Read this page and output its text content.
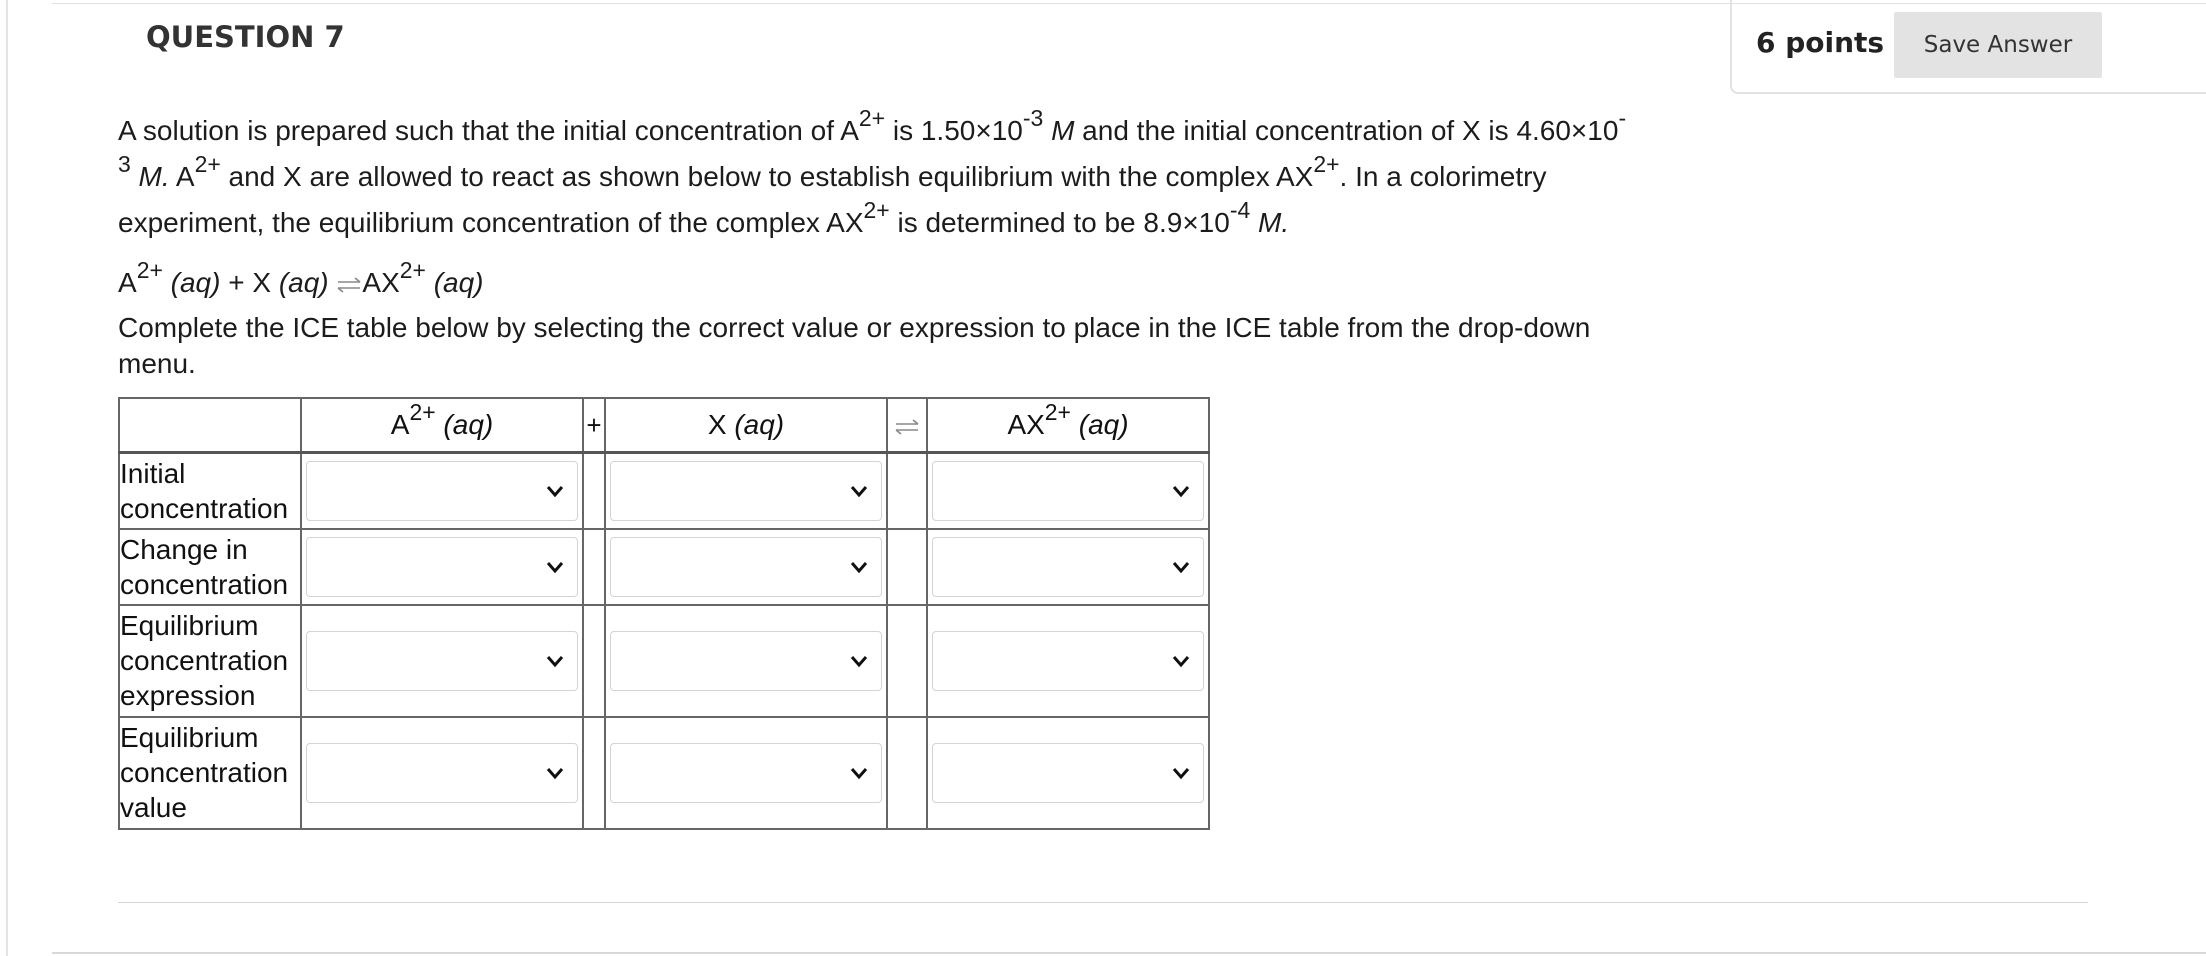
QUESTION 7	6 points	Save Answer
A solution is prepared such that the initial concentration of $A^{2+}$ is $1.50\times 10^{-3}$ M and the initial concentration of X is $4.60\times 10^{-3}$ M. $A^{2+}$ and X are allowed to react as shown below to establish equilibrium with the complex $AX^{2+}$. In a colorimetry experiment, the equilibrium concentration of the complex $AX^{2+}$ is determined to be $8.9\times 10^{-4}$ M.
$A^{2+}$ (aq) + X (aq) $\rightleftharpoons AX^{2+}$ (aq)
Complete the ICE table below by selecting the correct value or expression to place in the ICE table from the drop-down menu.
	$A^{2+}$ (aq)	+	X (aq)		$AX^{2+}$ (aq)
Initial concentration	

Change in concentration	

Equilibrium concentration expression	

Equilibrium concentration value	
